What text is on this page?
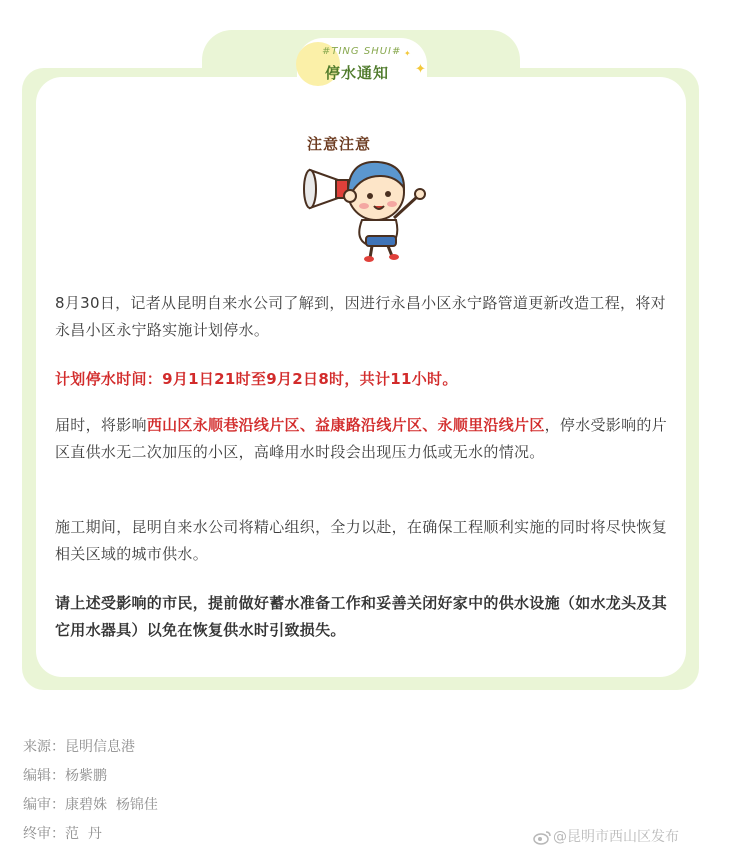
#TING SHUI#
停水通知 ✦
✦
注意注意
8月30日，记者从昆明自来水公司了解到，因进行永昌小区永宁路管道更新改造工程，将对永昌小区永宁路实施计划停水。
计划停水时间：9月1日21时至9月2日8时，共计11小时。
届时，将影响西山区永顺巷沿线片区、益康路沿线片区、永顺里沿线片区，停水受影响的片区直供水无二次加压的小区，高峰用水时段会出现压力低或无水的情况。
施工期间，昆明自来水公司将精心组织，全力以赴，在确保工程顺利实施的同时将尽快恢复相关区域的城市供水。
请上述受影响的市民，提前做好蓄水准备工作和妥善关闭好家中的供水设施（如水龙头及其它用水器具）以免在恢复供水时引致损失。
来源：昆明信息港
编辑：杨紫鹏
编审：康碧姝  杨锦佳
终审：范  丹	@昆明市西山区发布
